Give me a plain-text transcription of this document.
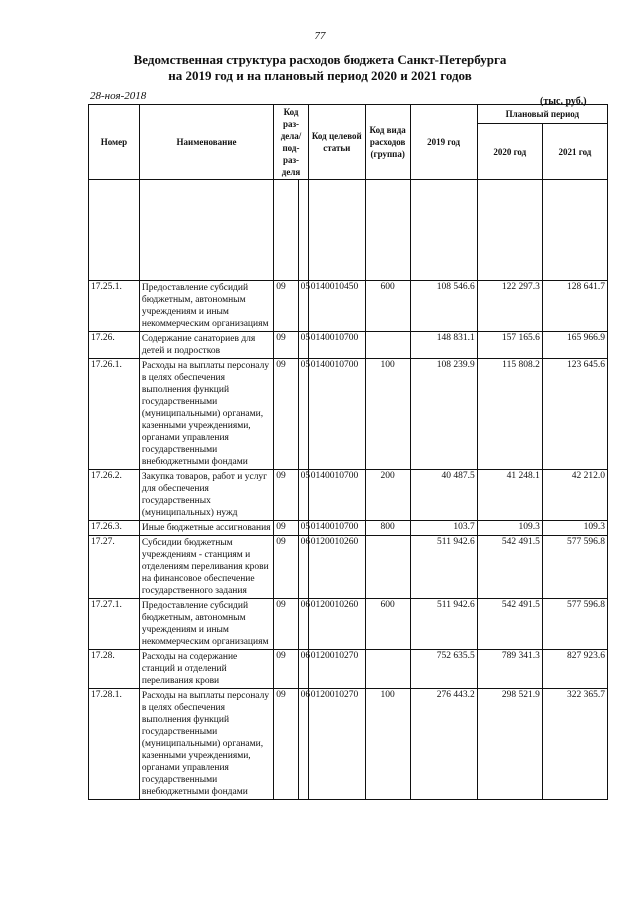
77
Ведомственная структура расходов бюджета Санкт-Петербурга
на 2019 год и на плановый период 2020 и 2021 годов
28-ноя-2018	(тыс. руб.)
Номер	Наименование	Код раз-дела/ под-раз-деля		Код целевой статьи	Код вида расходов (группа)	2019 год	Плановый период	
							2020 год	2021 год

17.25.1.	Предоставление субсидий бюджетным, автономным учреждениям и иным некоммерческим организациям	09	05	0140010450	600	108 546.6	122 297.3	128 641.7
17.26.	Содержание санаториев для детей и подростков	09	05	0140010700		148 831.1	157 165.6	165 966.9
17.26.1.	Расходы на выплаты персоналу в целях обеспечения выполнения функций государственными (муниципальными) органами, казенными учреждениями, органами управления государственными внебюджетными фондами	09	05	0140010700	100	108 239.9	115 808.2	123 645.6
17.26.2.	Закупка товаров, работ и услуг для обеспечения государственных (муниципальных) нужд	09	05	0140010700	200	40 487.5	41 248.1	42 212.0
17.26.3.	Иные бюджетные ассигнования	09	05	0140010700	800	103.7	109.3	109.3
17.27.	Субсидии бюджетным учреждениям - станциям и отделениям переливания крови на финансовое обеспечение государственного задания	09	06	0120010260		511 942.6	542 491.5	577 596.8
17.27.1.	Предоставление субсидий бюджетным, автономным учреждениям и иным некоммерческим организациям	09	06	0120010260	600	511 942.6	542 491.5	577 596.8
17.28.	Расходы на содержание станций и отделений переливания крови	09	06	0120010270		752 635.5	789 341.3	827 923.6
17.28.1.	Расходы на выплаты персоналу в целях обеспечения выполнения функций государственными (муниципальными) органами, казенными учреждениями, органами управления государственными внебюджетными фондами	09	06	0120010270	100	276 443.2	298 521.9	322 365.7
